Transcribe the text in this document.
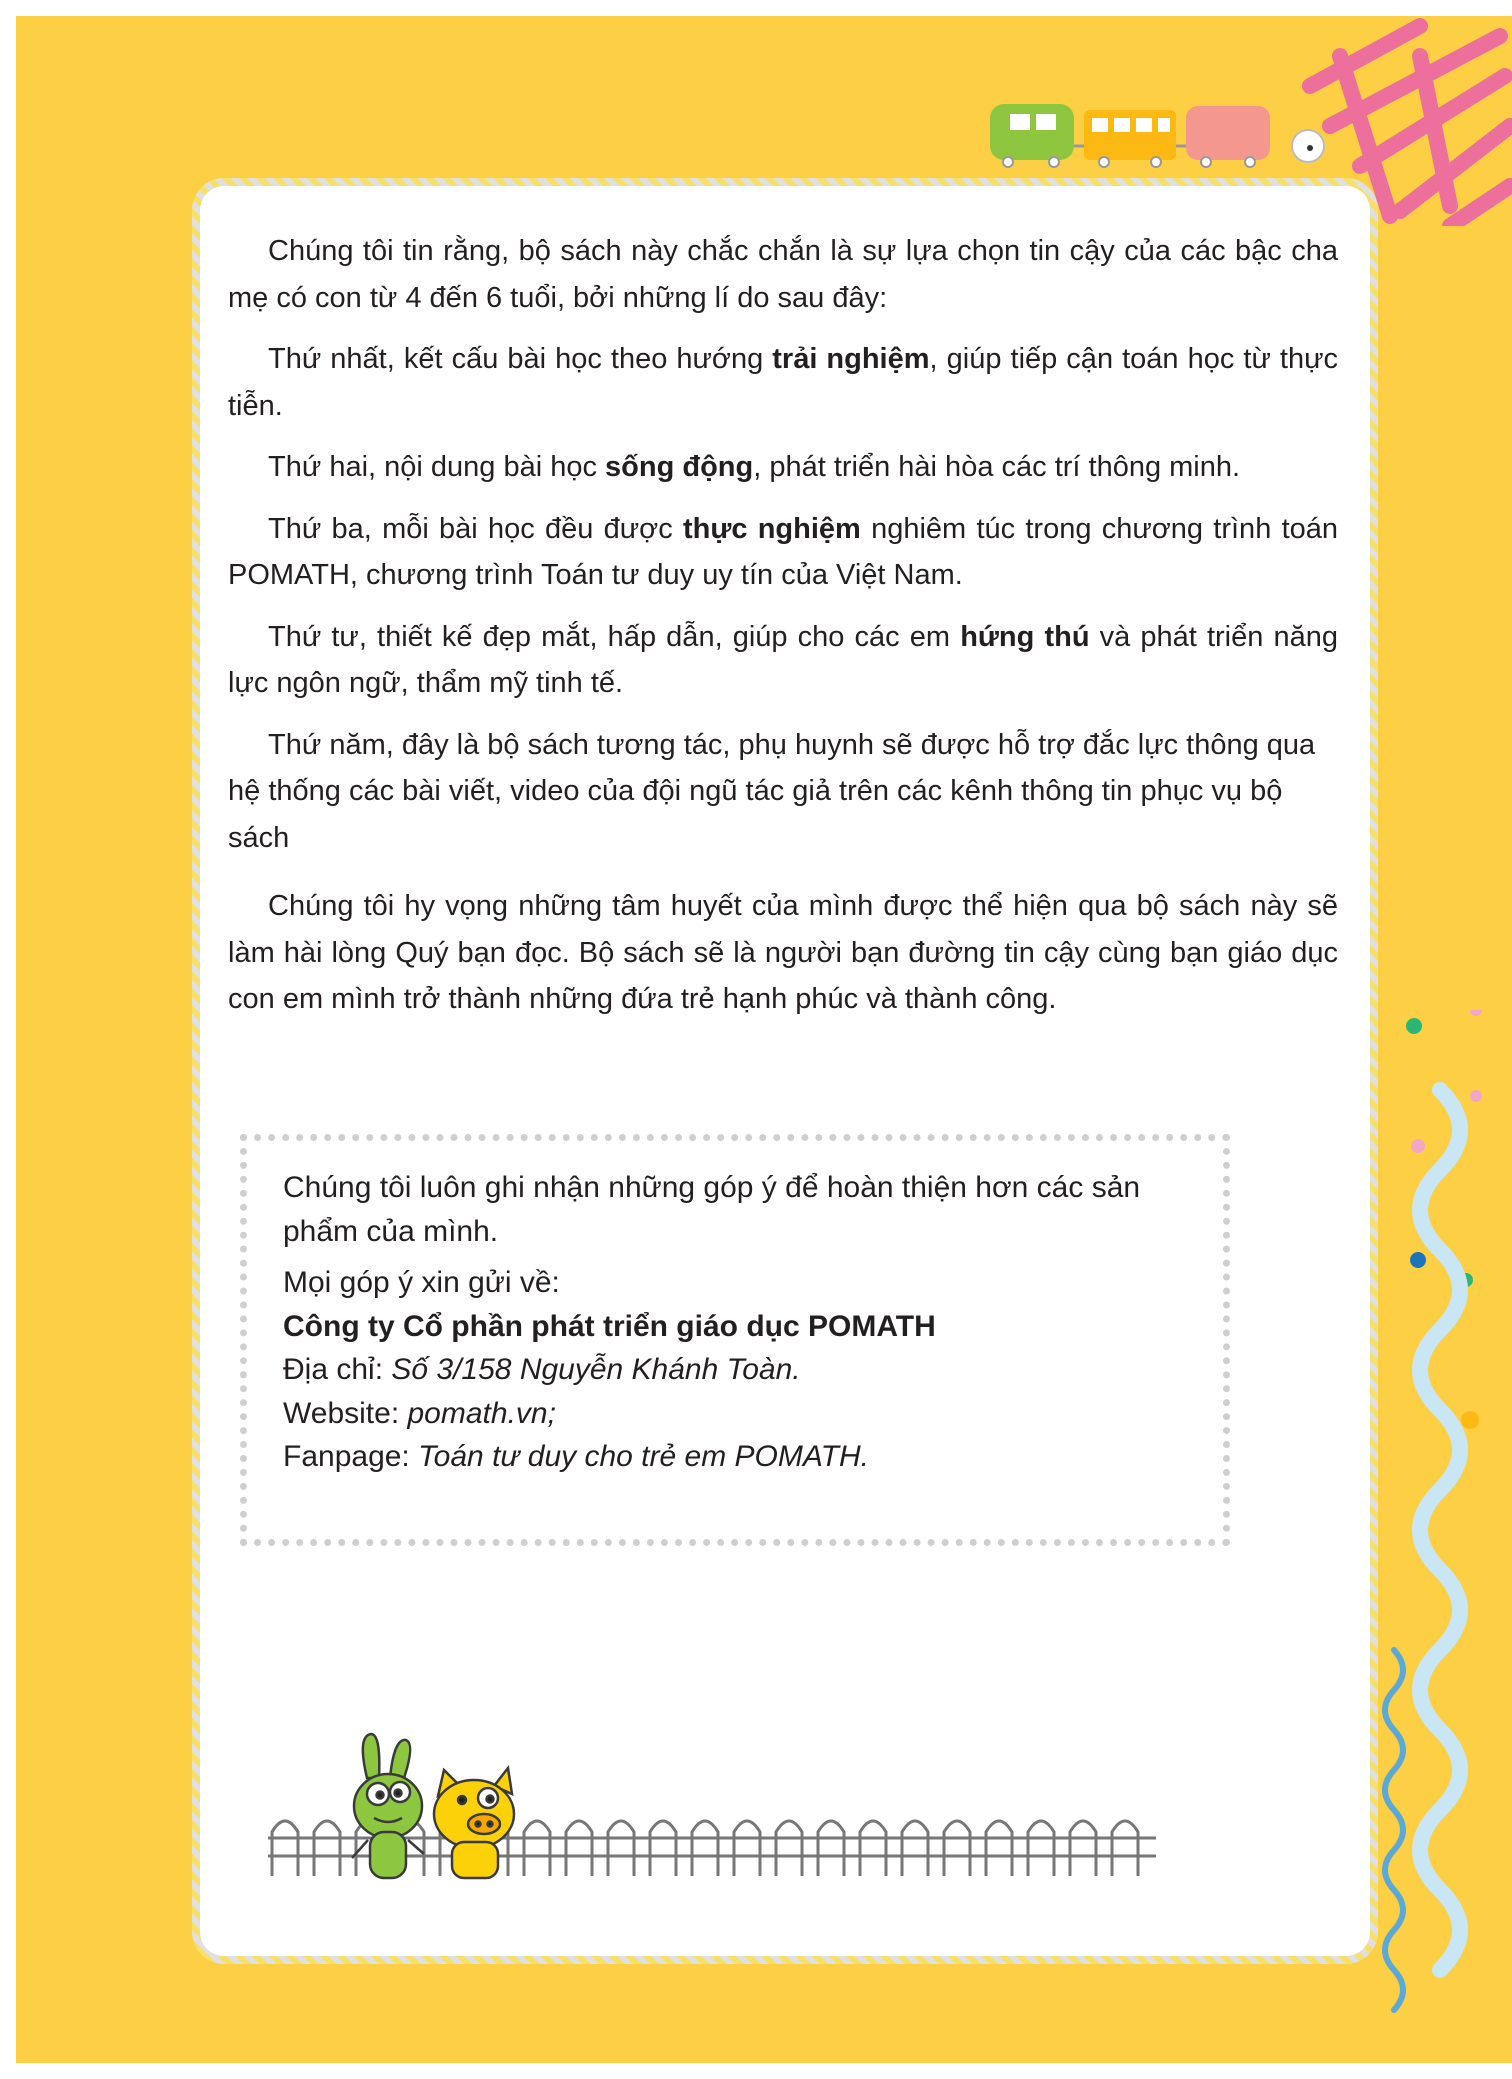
Chúng tôi tin rằng, bộ sách này chắc chắn là sự lựa chọn tin cậy của các bậc cha mẹ có con từ 4 đến 6 tuổi, bởi những lí do sau đây:

Thứ nhất, kết cấu bài học theo hướng trải nghiệm, giúp tiếp cận toán học từ thực tiễn.

Thứ hai, nội dung bài học sống động, phát triển hài hòa các trí thông minh.

Thứ ba, mỗi bài học đều được thực nghiệm nghiêm túc trong chương trình toán POMATH, chương trình Toán tư duy uy tín của Việt Nam.

Thứ tư, thiết kế đẹp mắt, hấp dẫn, giúp cho các em hứng thú và phát triển năng lực ngôn ngữ, thẩm mỹ tinh tế.

Thứ năm, đây là bộ sách tương tác, phụ huynh sẽ được hỗ trợ đắc lực thông qua hệ thống các bài viết, video của đội ngũ tác giả trên các kênh thông tin phục vụ bộ sách

Chúng tôi hy vọng những tâm huyết của mình được thể hiện qua bộ sách này sẽ làm hài lòng Quý bạn đọc. Bộ sách sẽ là người bạn đường tin cậy cùng bạn giáo dục con em mình trở thành những đứa trẻ hạnh phúc và thành công.

Chúng tôi luôn ghi nhận những góp ý để hoàn thiện hơn các sản phẩm của mình.
Mọi góp ý xin gửi về:
Công ty Cổ phần phát triển giáo dục POMATH
Địa chỉ: Số 3/158 Nguyễn Khánh Toàn.
Website: pomath.vn;
Fanpage: Toán tư duy cho trẻ em POMATH.
